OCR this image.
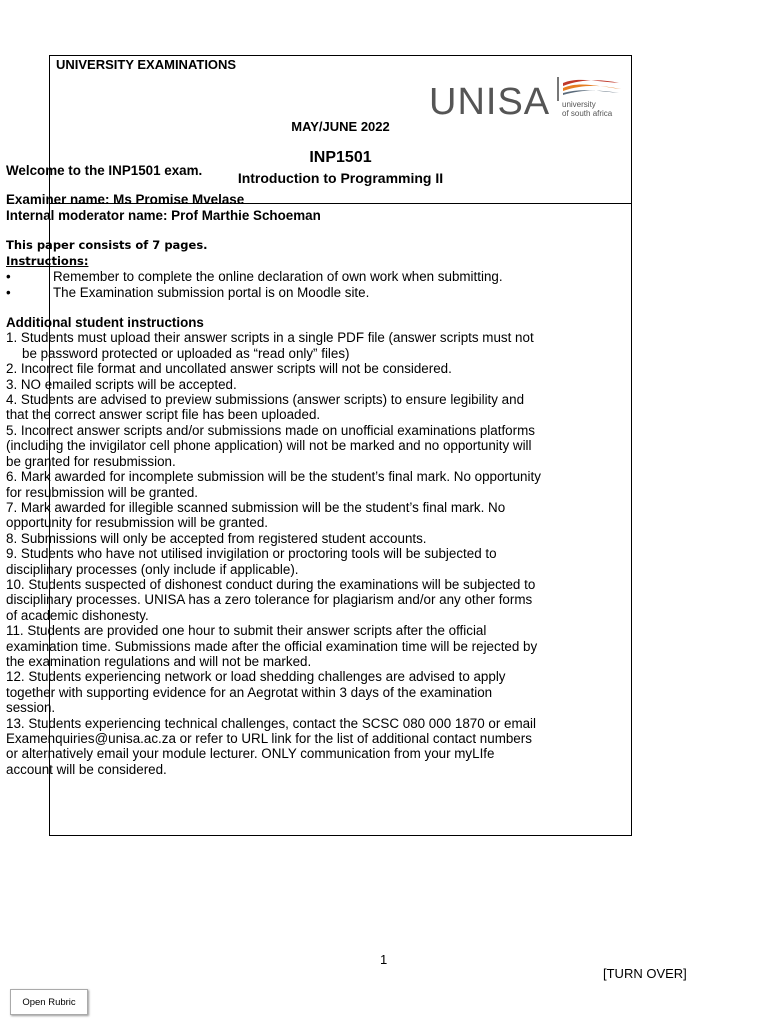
UNIVERSITY EXAMINATIONS
UNISA university
of south africa
MAY/JUNE 2022
INP1501
Introduction to Programming II
Welcome to the INP1501 exam.
Examiner name: Ms Promise Mvelase
Internal moderator name: Prof Marthie Schoeman
This paper consists of 7 pages.
Instructions:
•	Remember to complete the online declaration of own work when submitting.
•	The Examination submission portal is on Moodle site.
Additional student instructions
1. Students must upload their answer scripts in a single PDF file (answer scripts must not
be password protected or uploaded as “read only” files)
2. Incorrect file format and uncollated answer scripts will not be considered.
3. NO emailed scripts will be accepted.
4. Students are advised to preview submissions (answer scripts) to ensure legibility and
that the correct answer script file has been uploaded.
5. Incorrect answer scripts and/or submissions made on unofficial examinations platforms
(including the invigilator cell phone application) will not be marked and no opportunity will
be granted for resubmission.
6. Mark awarded for incomplete submission will be the student’s final mark. No opportunity
for resubmission will be granted.
7. Mark awarded for illegible scanned submission will be the student’s final mark. No
opportunity for resubmission will be granted.
8. Submissions will only be accepted from registered student accounts.
9. Students who have not utilised invigilation or proctoring tools will be subjected to
disciplinary processes (only include if applicable).
10. Students suspected of dishonest conduct during the examinations will be subjected to
disciplinary processes. UNISA has a zero tolerance for plagiarism and/or any other forms
of academic dishonesty.
11. Students are provided one hour to submit their answer scripts after the official
examination time. Submissions made after the official examination time will be rejected by
the examination regulations and will not be marked.
12. Students experiencing network or load shedding challenges are advised to apply
together with supporting evidence for an Aegrotat within 3 days of the examination
session.
13. Students experiencing technical challenges, contact the SCSC 080 000 1870 or email
Examenquiries@unisa.ac.za or refer to URL link for the list of additional contact numbers
or alternatively email your module lecturer. ONLY communication from your myLIfe
account will be considered.
1
[TURN OVER]
Open Rubric
